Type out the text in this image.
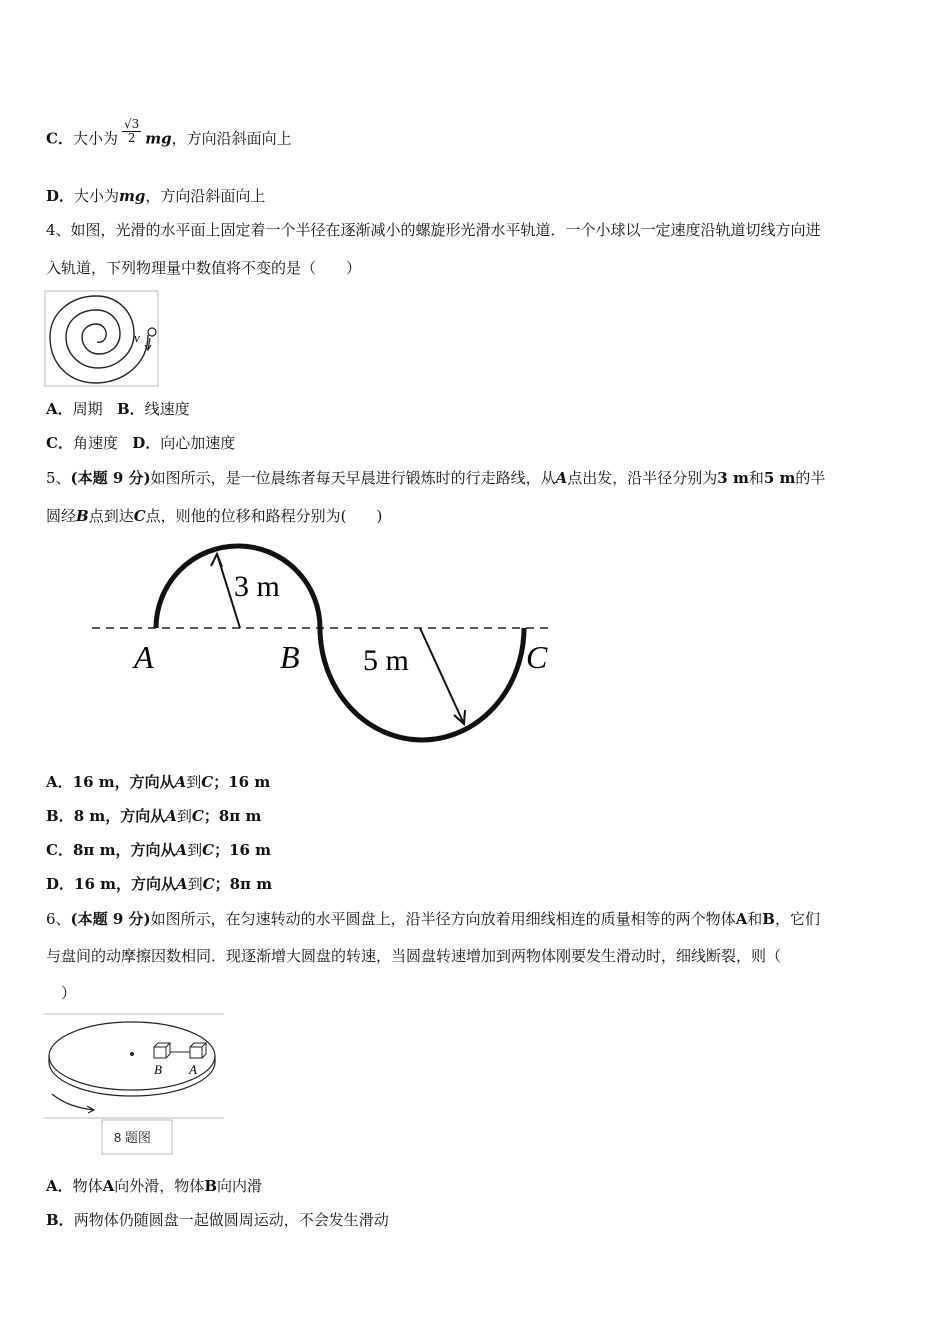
C．大小为 $\frac{√3}{2}$ mg，方向沿斜面向上
D．大小为mg，方向沿斜面向上
4、如图，光滑的水平面上固定着一个半径在逐渐减小的螺旋形光滑水平轨道．一个小球以一定速度沿轨道切线方向进
入轨道，下列物理量中数值将不变的是（　　）
v
A．周期 B．线速度
C．角速度 D．向心加速度
5、(本题 9 分)如图所示，是一位晨练者每天早晨进行锻炼时的行走路线，从A点出发，沿半径分别为3 m和5 m的半
圆经B点到达C点，则他的位移和路程分别为(　　)
3 m
5 m
A	B	C
A．16 m，方向从A到C；16 m
B．8 m，方向从A到C；8π m
C．8π m，方向从A到C；16 m
D．16 m，方向从A到C；8π m
6、(本题 9 分)如图所示，在匀速转动的水平圆盘上，沿半径方向放着用细线相连的质量相等的两个物体A和B，它们
与盘间的动摩擦因数相同．现逐渐增大圆盘的转速，当圆盘转速增加到两物体刚要发生滑动时，细线断裂，则（
　）
B A
8 题图
A．物体A向外滑，物体B向内滑
B．两物体仍随圆盘一起做圆周运动，不会发生滑动
